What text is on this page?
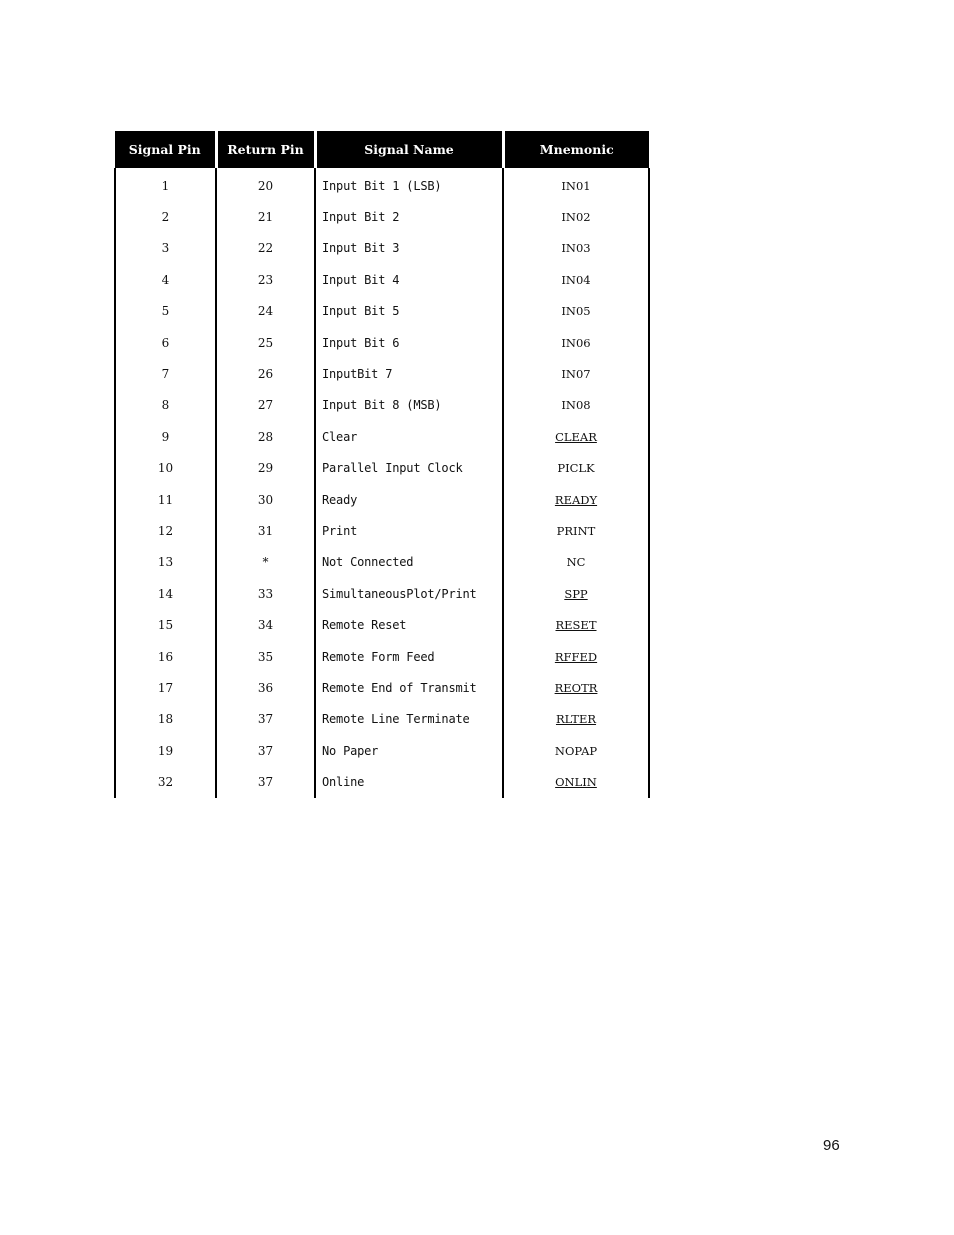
Signal Pin	Return Pin	Signal Name	Mnemonic
1	20	Input Bit 1 (LSB)	IN01
2	21	Input Bit 2	IN02
3	22	Input Bit 3	IN03
4	23	Input Bit 4	IN04
5	24	Input Bit 5	IN05
6	25	Input Bit 6	IN06
7	26	InputBit 7	IN07
8	27	Input Bit 8 (MSB)	IN08
9	28	Clear	CLEAR
10	29	Parallel Input Clock	PICLK
11	30	Ready	READY
12	31	Print	PRINT
13	*	Not Connected	NC
14	33	SimultaneousPlot/Print	SPP
15	34	Remote Reset	RESET
16	35	Remote Form Feed	RFFED
17	36	Remote End of Transmit	REOTR
18	37	Remote Line Terminate	RLTER
19	37	No Paper	NOPAP
32	37	Online	ONLIN
96
